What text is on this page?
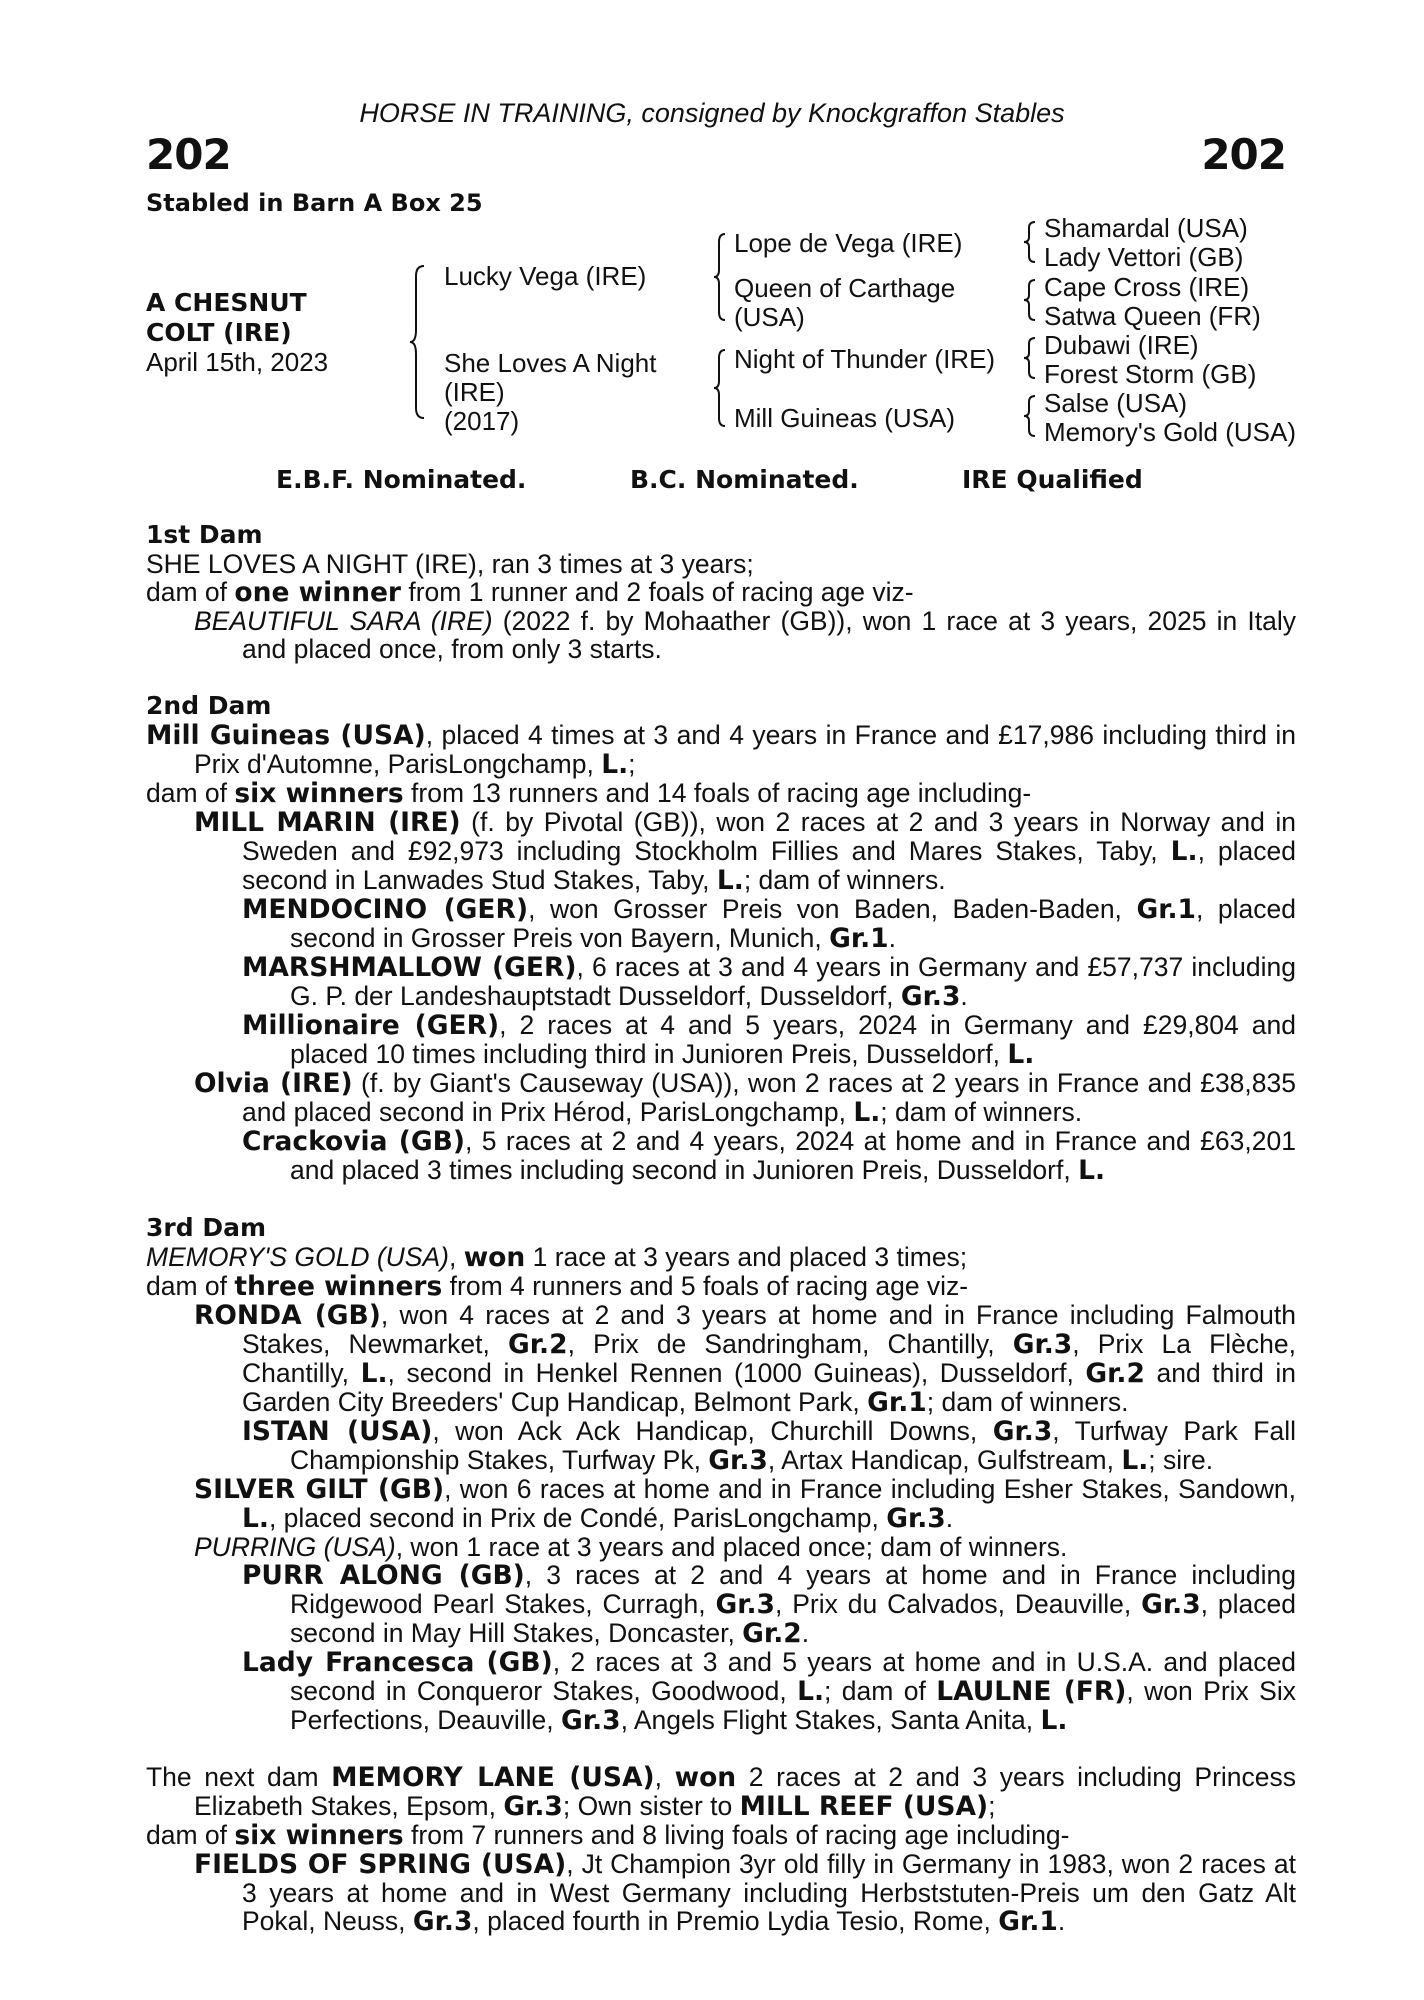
HORSE IN TRAINING, consigned by Knockgraffon Stables
202	202
Stabled in Barn A Box 25
A CHESNUT
COLT (IRE)
April 15th, 2023
Lucky Vega (IRE)
She Loves A Night
(IRE)
(2017)
Lope de Vega (IRE)
Queen of Carthage
(USA)
Night of Thunder (IRE)
Mill Guineas (USA)
Shamardal (USA)
Lady Vettori (GB)
Cape Cross (IRE)
Satwa Queen (FR)
Dubawi (IRE)
Forest Storm (GB)
Salse (USA)
Memory's Gold (USA)
E.B.F. Nominated.	B.C. Nominated.	IRE Qualified
1st Dam
SHE LOVES A NIGHT (IRE), ran 3 times at 3 years;
dam of one winner from 1 runner and 2 foals of racing age viz-
BEAUTIFUL SARA (IRE) (2022 f. by Mohaather (GB)), won 1 race at 3 years, 2025 in Italy and placed once, from only 3 starts.
2nd Dam
Mill Guineas (USA), placed 4 times at 3 and 4 years in France and £17,986 including third in Prix d'Automne, ParisLongchamp, L.;
dam of six winners from 13 runners and 14 foals of racing age including-
MILL MARIN (IRE) (f. by Pivotal (GB)), won 2 races at 2 and 3 years in Norway and in Sweden and £92,973 including Stockholm Fillies and Mares Stakes, Taby, L., placed second in Lanwades Stud Stakes, Taby, L.; dam of winners.
MENDOCINO (GER), won Grosser Preis von Baden, Baden-Baden, Gr.1, placed second in Grosser Preis von Bayern, Munich, Gr.1.
MARSHMALLOW (GER), 6 races at 3 and 4 years in Germany and £57,737 including G. P. der Landeshauptstadt Dusseldorf, Dusseldorf, Gr.3.
Millionaire (GER), 2 races at 4 and 5 years, 2024 in Germany and £29,804 and placed 10 times including third in Junioren Preis, Dusseldorf, L.
Olvia (IRE) (f. by Giant's Causeway (USA)), won 2 races at 2 years in France and £38,835 and placed second in Prix Hérod, ParisLongchamp, L.; dam of winners.
Crackovia (GB), 5 races at 2 and 4 years, 2024 at home and in France and £63,201 and placed 3 times including second in Junioren Preis, Dusseldorf, L.
3rd Dam
MEMORY'S GOLD (USA), won 1 race at 3 years and placed 3 times;
dam of three winners from 4 runners and 5 foals of racing age viz-
RONDA (GB), won 4 races at 2 and 3 years at home and in France including Falmouth Stakes, Newmarket, Gr.2, Prix de Sandringham, Chantilly, Gr.3, Prix La Flèche, Chantilly, L., second in Henkel Rennen (1000 Guineas), Dusseldorf, Gr.2 and third in Garden City Breeders' Cup Handicap, Belmont Park, Gr.1; dam of winners.
ISTAN (USA), won Ack Ack Handicap, Churchill Downs, Gr.3, Turfway Park Fall Championship Stakes, Turfway Pk, Gr.3, Artax Handicap, Gulfstream, L.; sire.
SILVER GILT (GB), won 6 races at home and in France including Esher Stakes, Sandown, L., placed second in Prix de Condé, ParisLongchamp, Gr.3.
PURRING (USA), won 1 race at 3 years and placed once; dam of winners.
PURR ALONG (GB), 3 races at 2 and 4 years at home and in France including Ridgewood Pearl Stakes, Curragh, Gr.3, Prix du Calvados, Deauville, Gr.3, placed second in May Hill Stakes, Doncaster, Gr.2.
Lady Francesca (GB), 2 races at 3 and 5 years at home and in U.S.A. and placed second in Conqueror Stakes, Goodwood, L.; dam of LAULNE (FR), won Prix Six Perfections, Deauville, Gr.3, Angels Flight Stakes, Santa Anita, L.
The next dam MEMORY LANE (USA), won 2 races at 2 and 3 years including Princess Elizabeth Stakes, Epsom, Gr.3; Own sister to MILL REEF (USA);
dam of six winners from 7 runners and 8 living foals of racing age including-
FIELDS OF SPRING (USA), Jt Champion 3yr old filly in Germany in 1983, won 2 races at 3 years at home and in West Germany including Herbststuten-Preis um den Gatz Alt Pokal, Neuss, Gr.3, placed fourth in Premio Lydia Tesio, Rome, Gr.1.
